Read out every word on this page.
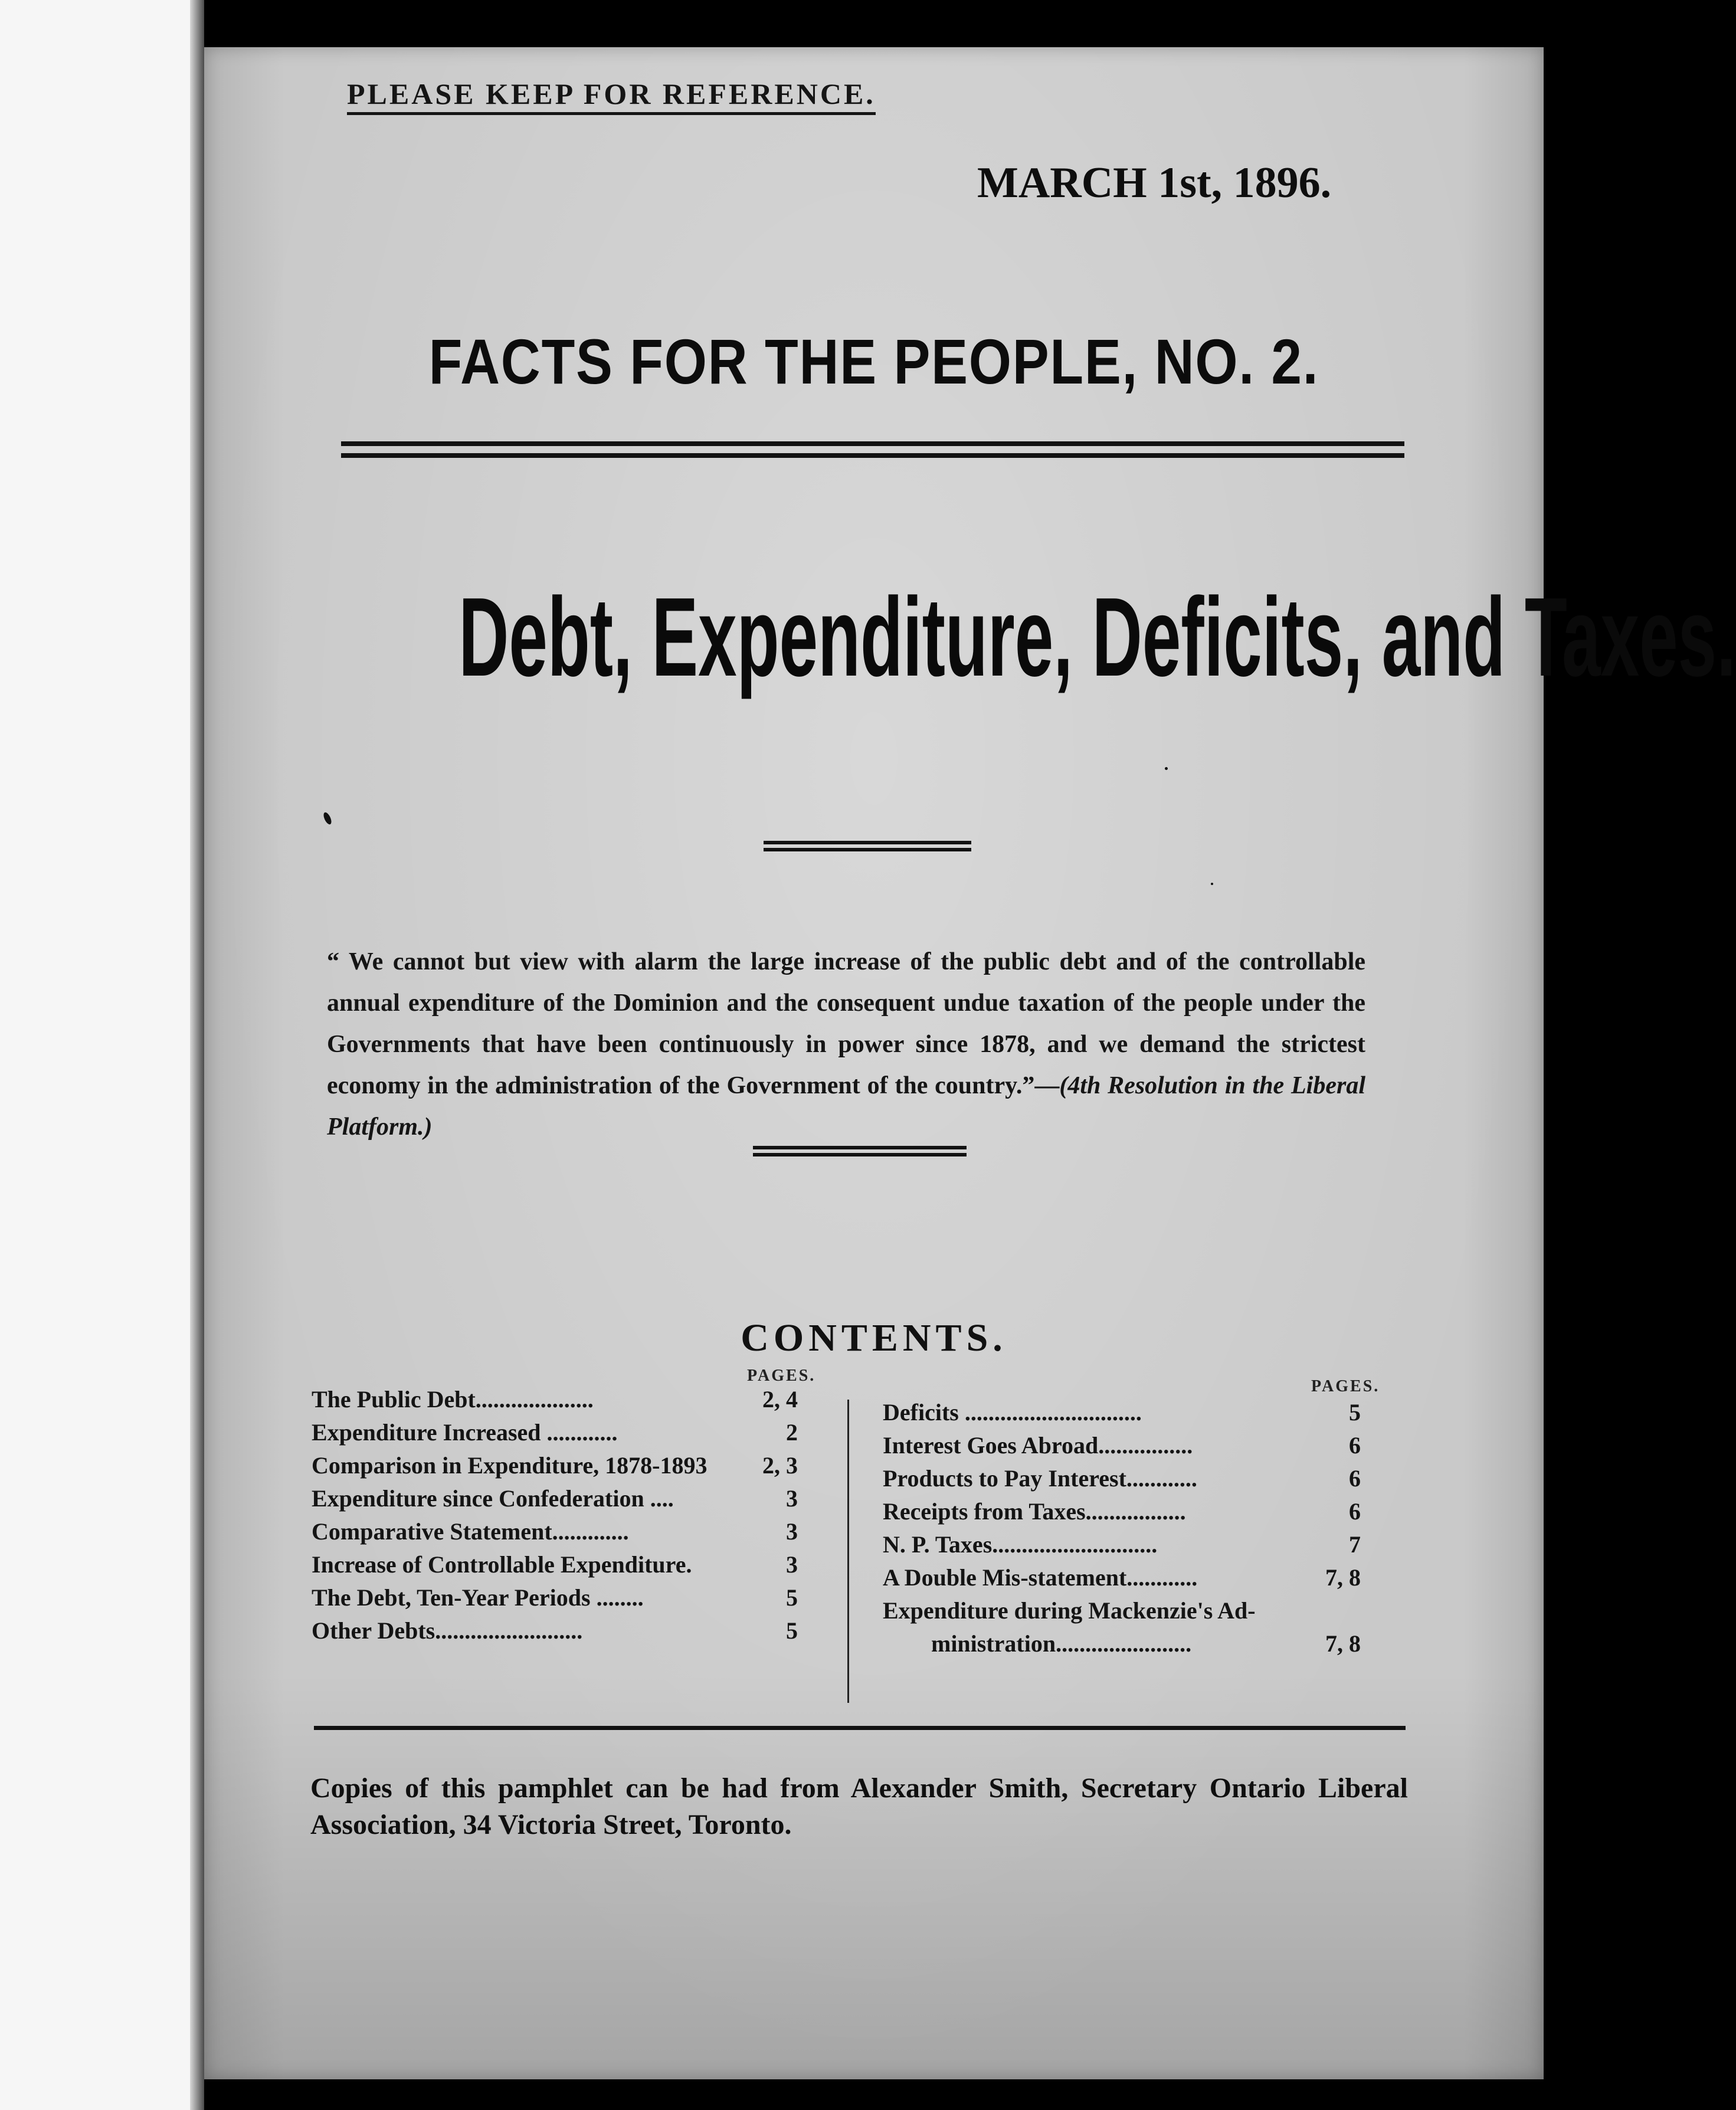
PLEASE KEEP FOR REFERENCE.
MARCH 1st, 1896.
FACTS FOR THE PEOPLE, NO. 2.
Debt, Expenditure, Deficits, and Taxes.
“ We cannot but view with alarm the large increase of the public debt and of the controllable annual expenditure of the Dominion and the consequent undue taxation of the people under the Governments that have been continuously in power since 1878, and we demand the strictest economy in the administration of the Government of the country.”—(4th Resolution in the Liberal Platform.)
CONTENTS.
PAGES.
The Public Debt....................	2, 4
Expenditure Increased ............	2
Comparison in Expenditure, 1878-1893	2, 3
Expenditure since Confederation ....	3
Comparative Statement.............	3
Increase of Controllable Expenditure.	3
The Debt, Ten-Year Periods ........	5
Other Debts.........................	5
PAGES.
Deficits ..............................	5
Interest Goes Abroad................	6
Products to Pay Interest............	6
Receipts from Taxes.................	6
N. P. Taxes............................	7
A Double Mis-statement............	7, 8
Expenditure during Mackenzie's Ad-
ministration.......................	7, 8
Copies of this pamphlet can be had from Alexander Smith, Secretary Ontario Liberal Association, 34 Victoria Street, Toronto.
